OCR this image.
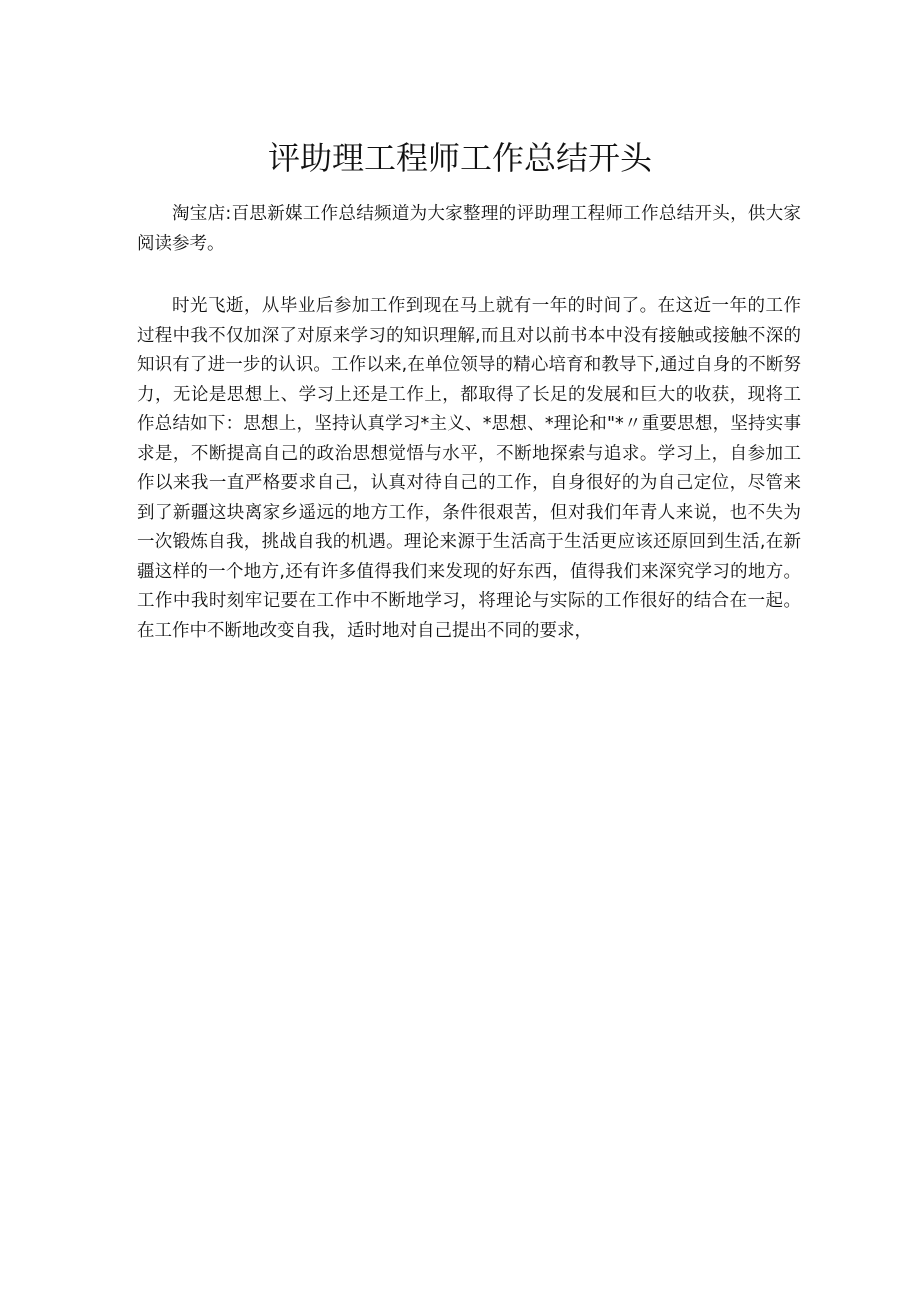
评助理工程师工作总结开头

淘宝店:百思新媒工作总结频道为大家整理的评助理工程师工作总结开头，供大家阅读参考。

时光飞逝，从毕业后参加工作到现在马上就有一年的时间了。在这近一年的工作过程中我不仅加深了对原来学习的知识理解,而且对以前书本中没有接触或接触不深的知识有了进一步的认识。工作以来,在单位领导的精心培育和教导下,通过自身的不断努力，无论是思想上、学习上还是工作上，都取得了长足的发展和巨大的收获，现将工作总结如下：思想上，坚持认真学习*主义、*思想、*理论和"*〃重要思想，坚持实事求是，不断提高自己的政治思想觉悟与水平，不断地探索与追求。学习上，自参加工作以来我一直严格要求自己，认真对待自己的工作，自身很好的为自己定位，尽管来到了新疆这块离家乡遥远的地方工作，条件很艰苦，但对我们年青人来说，也不失为一次锻炼自我，挑战自我的机遇。理论来源于生活高于生活更应该还原回到生活,在新疆这样的一个地方,还有许多值得我们来发现的好东西，值得我们来深究学习的地方。工作中我时刻牢记要在工作中不断地学习，将理论与实际的工作很好的结合在一起。在工作中不断地改变自我，适时地对自己提出不同的要求，
